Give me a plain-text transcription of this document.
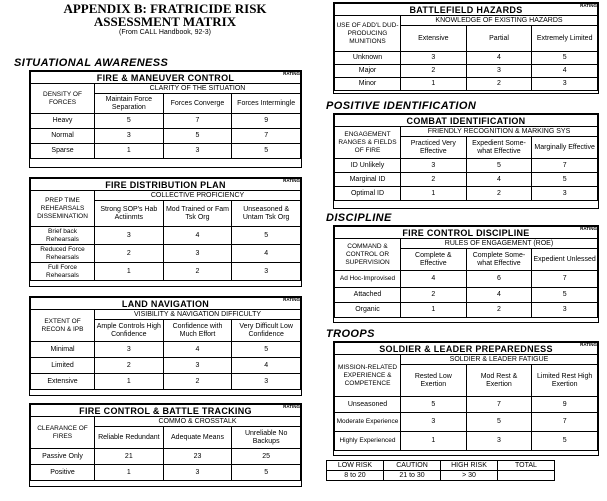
APPENDIX B: FRATRICIDE RISK
ASSESSMENT MATRIX
(From CALL Handbook, 92-3)
SITUATIONAL AWARENESS
RATING
FIRE & MANEUVER CONTROL			
DENSITY OF FORCES	CLARITY OF THE SITUATION		
	Maintain Force Separation	Forces Converge	Forces Intermingle
Heavy	5	7	9
Normal	3	5	7
Sparse	1	3	5
RATING
FIRE DISTRIBUTION PLAN			
PREP TIME REHEARSALS DISSEMINATION	COLLECTIVE PROFICIENCY		
	Strong SOP's Hab Actiinmts	Mod Trained or Fam Tsk Org	Unseasoned & Untam Tsk Org
Brief back Rehearsals	3	4	5
Reduced Force Rehearsals	2	3	4
Full Force Rehearsals	1	2	3
RATING
LAND NAVIGATION			
EXTENT OF RECON & IPB	VISIBILITY & NAVIGATION DIFFICULTY		
	Ample Controls High Confidence	Confidence with Much Effort	Very Difficult Low Confidence
Minimal	3	4	5
Limited	2	3	4
Extensive	1	2	3
RATING
FIRE CONTROL & BATTLE TRACKING			
CLEARANCE OF FIRES	COMMO & CROSSTALK		
	Reliable Redundant	Adequate Means	Unreliable No Backups
Passive Only	21	23	25
Positive	1	3	5
RATING
BATTLEFIELD HAZARDS			
USE OF ADD'L DUD-PRODUCING MUNITIONS	KNOWLEDGE OF EXISTING HAZARDS		
	Extensive	Partial	Extremely Limited
Unknown	3	4	5
Major	2	3	4
Minor	1	2	3
POSITIVE IDENTIFICATION
COMBAT IDENTIFICATION			
ENGAGEMENT RANGES & FIELDS OF FIRE	FRIENDLY RECOGNITION & MARKING SYS		
	Practiced Very Effective	Expedient Some-what Effective	Marginally Effective
ID Unlikely	3	5	7
Marginal ID	2	4	5
Optimal ID	1	2	3
DISCIPLINE
RATING
FIRE CONTROL DISCIPLINE			
COMMAND & CONTROL OR SUPERVISION	RULES OF ENGAGEMENT (ROE)		
	Complete & Effective	Complete Some-what Effective	Expedient Unlessed
Ad Hoc-Improvised	4	6	7
Attached	2	4	5
Organic	1	2	3
TROOPS
RATING
SOLDIER & LEADER PREPAREDNESS			
MISSION-RELATED EXPERIENCE & COMPETENCE	SOLDIER & LEADER FATIGUE		
	Rested Low Exertion	Mod Rest & Exertion	Limited Rest High Exertion
Unseasoned	5	7	9
Moderate Experience	3	5	7
Highly Experienced	1	3	5
LOW RISK	CAUTION	HIGH RISK	TOTAL
8 to 20	21 to 30	> 30	
